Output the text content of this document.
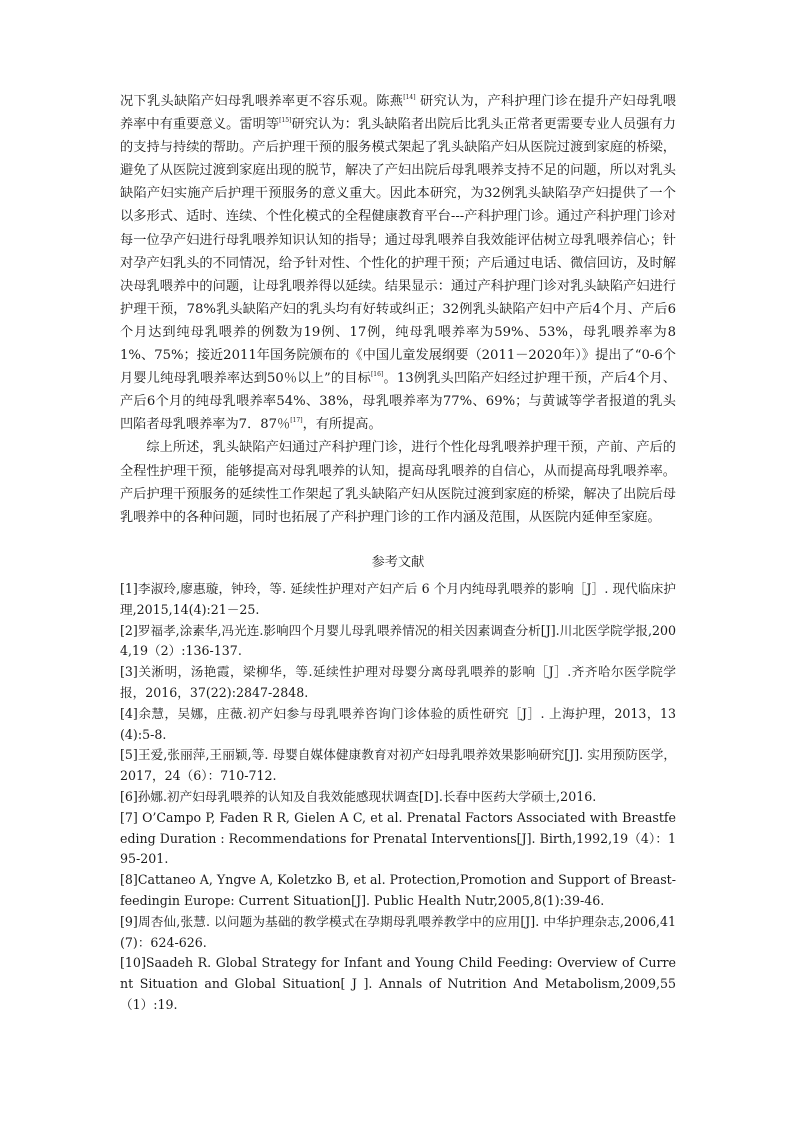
况下乳头缺陷产妇母乳喂养率更不容乐观。陈燕[14] 研究认为，产科护理门诊在提升产妇母乳喂养率中有重要意义。雷明等[15]研究认为：乳头缺陷者出院后比乳头正常者更需要专业人员强有力的支持与持续的帮助。产后护理干预的服务模式架起了乳头缺陷产妇从医院过渡到家庭的桥梁，避免了从医院过渡到家庭出现的脱节，解决了产妇出院后母乳喂养支持不足的问题，所以对乳头缺陷产妇实施产后护理干预服务的意义重大。因此本研究，为32例乳头缺陷孕产妇提供了一个以多形式、适时、连续、个性化模式的全程健康教育平台---产科护理门诊。通过产科护理门诊对每一位孕产妇进行母乳喂养知识认知的指导；通过母乳喂养自我效能评估树立母乳喂养信心；针对孕产妇乳头的不同情况，给予针对性、个性化的护理干预；产后通过电话、微信回访，及时解决母乳喂养中的问题，让母乳喂养得以延续。结果显示：通过产科护理门诊对乳头缺陷产妇进行护理干预，78%乳头缺陷产妇的乳头均有好转或纠正；32例乳头缺陷产妇中产后4个月、产后6个月达到纯母乳喂养的例数为19例、17例，纯母乳喂养率为59%、53%，母乳喂养率为81%、75%；接近2011年国务院颁布的《中国儿童发展纲要（2011－2020年）》提出了“0-6个月婴儿纯母乳喂养率达到50％以上”的目标[16]。13例乳头凹陷产妇经过护理干预，产后4个月、产后6个月的纯母乳喂养率54%、38%，母乳喂养率为77%、69%；与黄诚等学者报道的乳头凹陷者母乳喂养率为7．87％[17]，有所提高。

综上所述，乳头缺陷产妇通过产科护理门诊，进行个性化母乳喂养护理干预，产前、产后的全程性护理干预，能够提高对母乳喂养的认知，提高母乳喂养的自信心，从而提高母乳喂养率。产后护理干预服务的延续性工作架起了乳头缺陷产妇从医院过渡到家庭的桥梁，解决了出院后母乳喂养中的各种问题，同时也拓展了产科护理门诊的工作内涵及范围，从医院内延伸至家庭。

参考文献

[1]李淑玲,廖惠璇，钟玲，等. 延续性护理对产妇产后 6 个月内纯母乳喂养的影响［J］. 现代临床护理,2015,14(4):21－25.

[2]罗福孝,涂素华,冯光连.影响四个月婴儿母乳喂养情况的相关因素调查分析[J].川北医学院学报,2004,19（2）:136-137.

[3]关淅明，汤艳霞，梁柳华，等.延续性护理对母婴分离母乳喂养的影响［J］.齐齐哈尔医学院学报，2016，37(22):2847-2848.

[4]余慧，吴娜，庄薇.初产妇参与母乳喂养咨询门诊体验的质性研究［J］. 上海护理，2013，13(4):5-8.

[5]王爱,张丽萍,王丽颖,等. 母婴自媒体健康教育对初产妇母乳喂养效果影响研究[J]. 实用预防医学，2017，24（6）：710-712.

[6]孙娜.初产妇母乳喂养的认知及自我效能感现状调查[D].长春中医药大学硕士,2016.

[7] O’Campo P, Faden R R, Gielen A C, et al. Prenatal Factors Associated with Breastfeeding Duration : Recommendations for Prenatal Interventions[J]. Birth,1992,19（4）：195-201.

[8]Cattaneo A, Yngve A, Koletzko B, et al. Protection,Promotion and Support of Breast-feedingin Europe: Current Situation[J]. Public Health Nutr,2005,8(1):39-46.

[9]周杏仙,张慧. 以问题为基础的教学模式在孕期母乳喂养教学中的应用[J]. 中华护理杂志,2006,41(7)：624-626.

[10]Saadeh R. Global Strategy for Infant and Young Child Feeding: Overview of Current Situation and Global Situation[ J ]. Annals of Nutrition And Metabolism,2009,55（1）:19.
